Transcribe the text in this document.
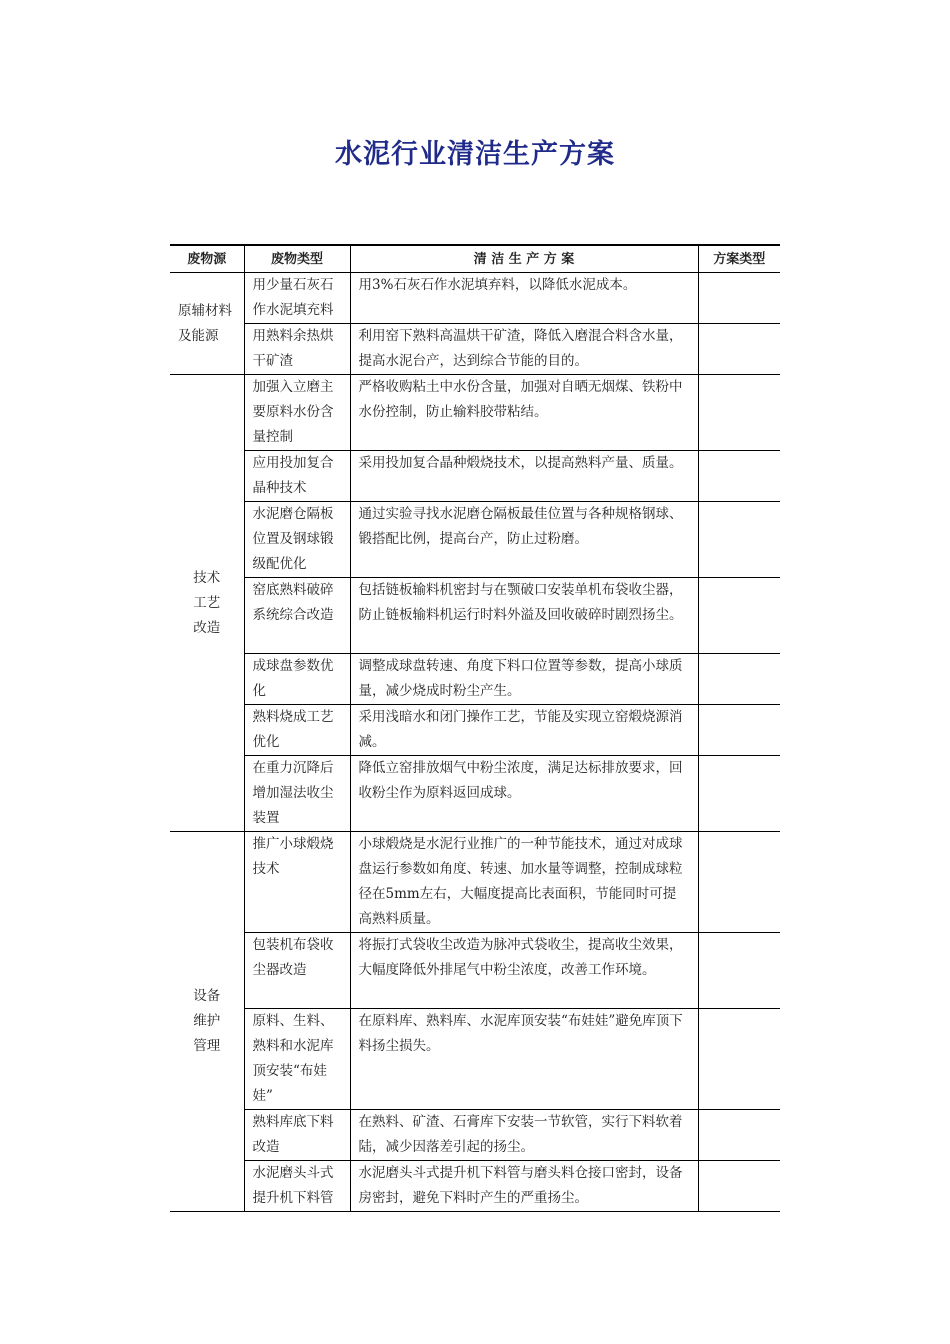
水泥行业清洁生产方案
废物源	废物类型	清 洁 生 产 方 案	方案类型
原辅材料及能源	用少量石灰石作水泥填充料	用3%石灰石作水泥填弃料，以降低水泥成本。	
	用熟料余热烘干矿渣	利用窑下熟料高温烘干矿渣，降低入磨混合料含水量，提高水泥台产，达到综合节能的目的。	
技术工艺改造	加强入立磨主要原料水份含量控制	严格收购粘土中水份含量，加强对自晒无烟煤、铁粉中水份控制，防止输料胶带粘结。	
	应用投加复合晶种技术	采用投加复合晶种煅烧技术，以提高熟料产量、质量。	
	水泥磨仓隔板位置及钢球锻级配优化	通过实验寻找水泥磨仓隔板最佳位置与各种规格钢球、锻搭配比例，提高台产，防止过粉磨。	
	窑底熟料破碎系统综合改造	包括链板输料机密封与在颚破口安装单机布袋收尘器，防止链板输料机运行时料外溢及回收破碎时剧烈扬尘。	
	成球盘参数优化	调整成球盘转速、角度下料口位置等参数，提高小球质量，减少烧成时粉尘产生。	
	熟料烧成工艺优化	采用浅暗水和闭门操作工艺，节能及实现立窑煅烧源消减。	
	在重力沉降后增加湿法收尘装置	降低立窑排放烟气中粉尘浓度，满足达标排放要求，回收粉尘作为原料返回成球。	
设备维护管理	推广小球煅烧技术	小球煅烧是水泥行业推广的一种节能技术，通过对成球盘运行参数如角度、转速、加水量等调整，控制成球粒径在5mm左右，大幅度提高比表面积，节能同时可提高熟料质量。	
	包装机布袋收尘器改造	将振打式袋收尘改造为脉冲式袋收尘，提高收尘效果，大幅度降低外排尾气中粉尘浓度，改善工作环境。	
	原料、生料、熟料和水泥库顶安装“布娃娃”	在原料库、熟料库、水泥库顶安装“布娃娃”避免库顶下料扬尘损失。	
	熟料库底下料改造	在熟料、矿渣、石膏库下安装一节软管，实行下料软着陆，减少因落差引起的扬尘。	
	水泥磨头斗式提升机下料管	水泥磨头斗式提升机下料管与磨头料仓接口密封，设备房密封，避免下料时产生的严重扬尘。	
